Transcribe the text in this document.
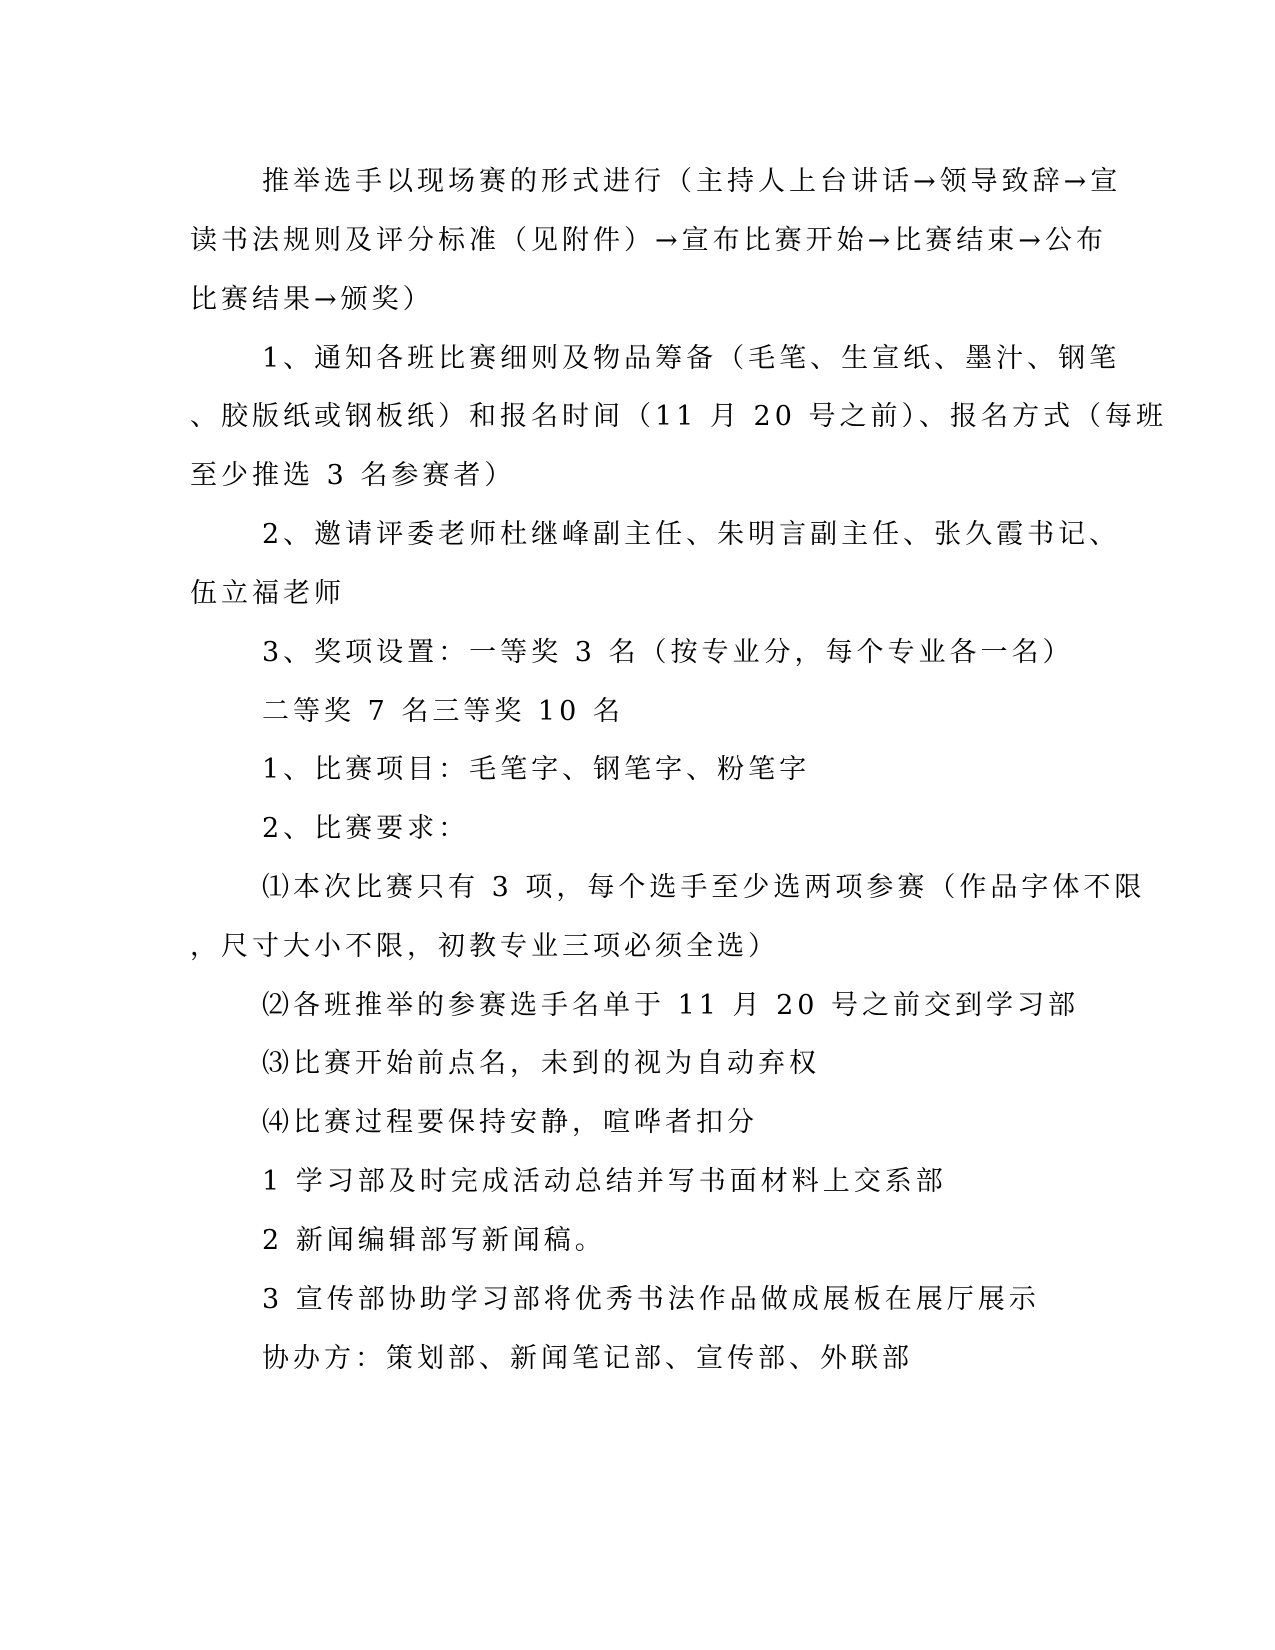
推举选手以现场赛的形式进行（主持人上台讲话→领导致辞→宣
读书法规则及评分标准（见附件）→宣布比赛开始→比赛结束→公布
比赛结果→颁奖）
1、通知各班比赛细则及物品筹备（毛笔、生宣纸、墨汁、钢笔
、胶版纸或钢板纸）和报名时间（11 月 20 号之前）、报名方式（每班
至少推选 3 名参赛者）
2、邀请评委老师杜继峰副主任、朱明言副主任、张久霞书记、
伍立福老师
3、奖项设置：一等奖 3 名（按专业分，每个专业各一名）
二等奖 7 名三等奖 10 名
1、比赛项目：毛笔字、钢笔字、粉笔字
2、比赛要求：
⑴本次比赛只有 3 项，每个选手至少选两项参赛（作品字体不限
，尺寸大小不限，初教专业三项必须全选）
⑵各班推举的参赛选手名单于 11 月 20 号之前交到学习部
⑶比赛开始前点名，未到的视为自动弃权
⑷比赛过程要保持安静，喧哗者扣分
1 学习部及时完成活动总结并写书面材料上交系部
2 新闻编辑部写新闻稿。
3 宣传部协助学习部将优秀书法作品做成展板在展厅展示
协办方：策划部、新闻笔记部、宣传部、外联部
